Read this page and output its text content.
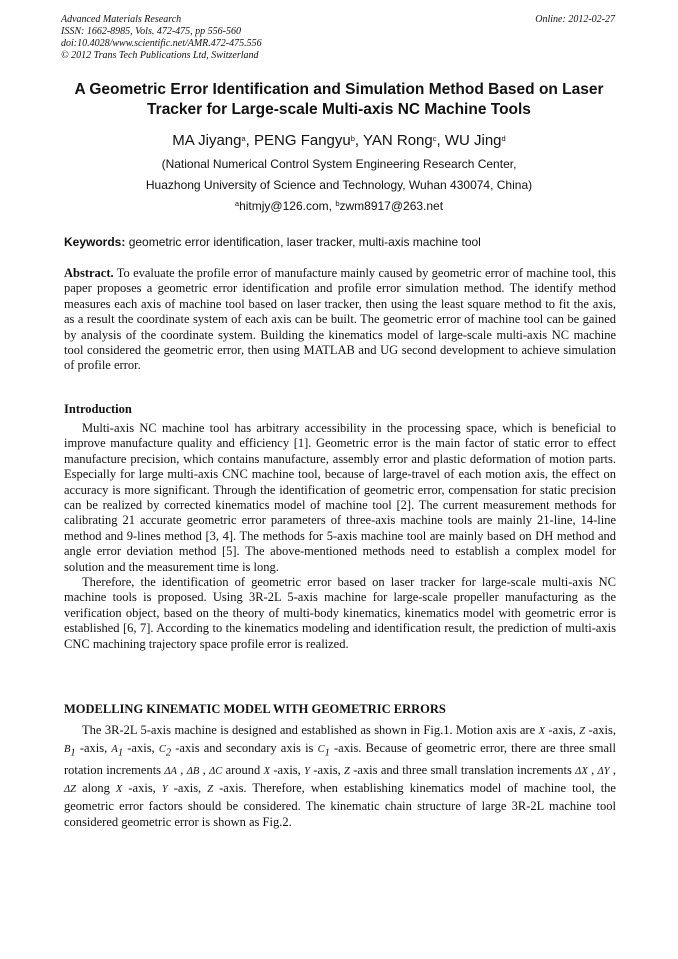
Advanced Materials Research
ISSN: 1662-8985, Vols. 472-475, pp 556-560
doi:10.4028/www.scientific.net/AMR.472-475.556
© 2012 Trans Tech Publications Ltd, Switzerland
Online: 2012-02-27
A Geometric Error Identification and Simulation Method Based on Laser
Tracker for Large-scale Multi-axis NC Machine Tools
MA Jiyang$^a$, PENG Fangyu$^b$, YAN Rong$^c$, WU Jing$^d$
(National Numerical Control System Engineering Research Center,
Huazhong University of Science and Technology, Wuhan 430074, China)
$^a$hitmjy@126.com, $^b$zwm8917@263.net
Keywords: geometric error identification, laser tracker, multi-axis machine tool
Abstract. To evaluate the profile error of manufacture mainly caused by geometric error of machine tool, this paper proposes a geometric error identification and profile error simulation method. The identify method measures each axis of machine tool based on laser tracker, then using the least square method to fit the axis, as a result the coordinate system of each axis can be built. The geometric error of machine tool can be gained by analysis of the coordinate system. Building the kinematics model of large-scale multi-axis NC machine tool considered the geometric error, then using MATLAB and UG second development to achieve simulation of profile error.
Introduction
Multi-axis NC machine tool has arbitrary accessibility in the processing space, which is beneficial to improve manufacture quality and efficiency [1]. Geometric error is the main factor of static error to effect manufacture precision, which contains manufacture, assembly error and plastic deformation of motion parts. Especially for large multi-axis CNC machine tool, because of large-travel of each motion axis, the effect on accuracy is more significant. Through the identification of geometric error, compensation for static precision can be realized by corrected kinematics model of machine tool [2]. The current measurement methods for calibrating 21 accurate geometric error parameters of three-axis machine tools are mainly 21-line, 14-line method and 9-lines method [3, 4]. The methods for 5-axis machine tool are mainly based on DH method and angle error deviation method [5]. The above-mentioned methods need to establish a complex model for solution and the measurement time is long.
Therefore, the identification of geometric error based on laser tracker for large-scale multi-axis NC machine tools is proposed. Using 3R-2L 5-axis machine for large-scale propeller manufacturing as the verification object, based on the theory of multi-body kinematics, kinematics model with geometric error is established [6, 7]. According to the kinematics modeling and identification result, the prediction of multi-axis CNC machining trajectory space profile error is realized.
MODELLING KINEMATIC MODEL WITH GEOMETRIC ERRORS
The 3R-2L 5-axis machine is designed and established as shown in Fig.1. Motion axis are X -axis, Z -axis, $B_1$ -axis, $A_1$ -axis, $C_2$ -axis and secondary axis is $C_1$ -axis. Because of geometric error, there are three small rotation increments ΔA , ΔB , ΔC around X -axis, Y -axis, Z -axis and three small translation increments ΔX , ΔY , ΔZ along X -axis, Y -axis, Z -axis. Therefore, when establishing kinematics model of machine tool, the geometric error factors should be considered. The kinematic chain structure of large 3R-2L machine tool considered geometric error is shown as Fig.2.
